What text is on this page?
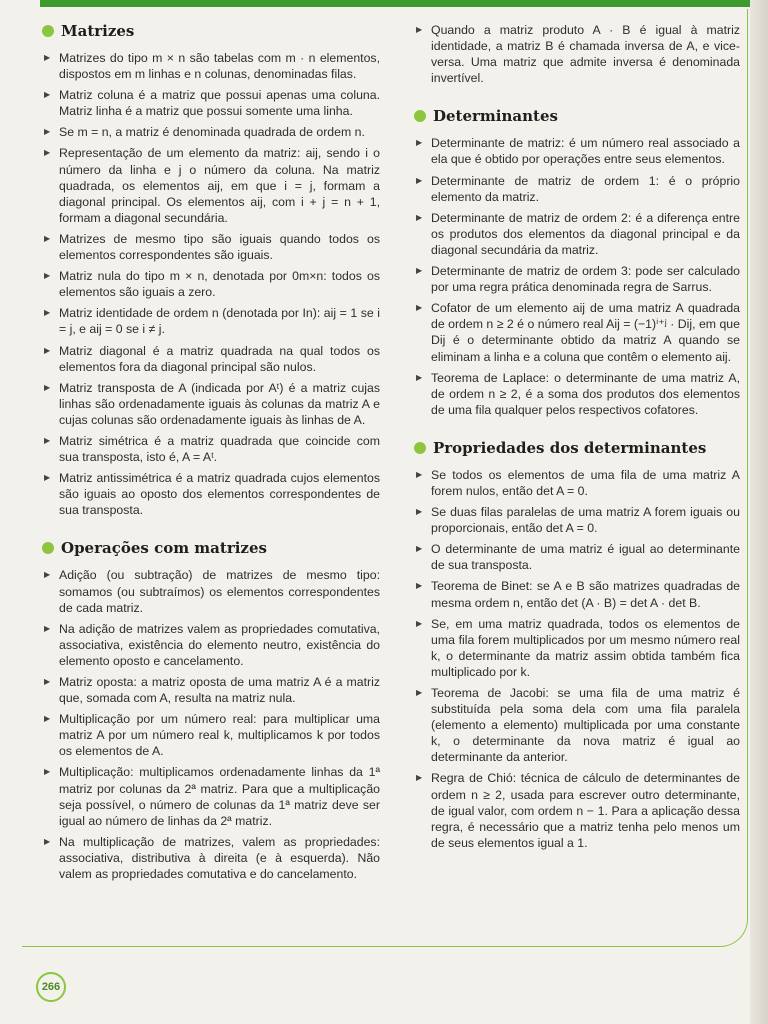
Matrizes
▶ Matrizes do tipo m × n são tabelas com m · n elementos, dispostos em m linhas e n colunas, denominadas filas.
▶ Matriz coluna é a matriz que possui apenas uma coluna. Matriz linha é a matriz que possui somente uma linha.
▶ Se m = n, a matriz é denominada quadrada de ordem n.
▶ Representação de um elemento da matriz: aij, sendo i o número da linha e j o número da coluna. Na matriz quadrada, os elementos aij, em que i = j, formam a diagonal principal. Os elementos aij, com i + j = n + 1, formam a diagonal secundária.
▶ Matrizes de mesmo tipo são iguais quando todos os elementos correspondentes são iguais.
▶ Matriz nula do tipo m × n, denotada por 0m×n: todos os elementos são iguais a zero.
▶ Matriz identidade de ordem n (denotada por In): aij = 1 se i = j, e aij = 0 se i ≠ j.
▶ Matriz diagonal é a matriz quadrada na qual todos os elementos fora da diagonal principal são nulos.
▶ Matriz transposta de A (indicada por Aᵗ) é a matriz cujas linhas são ordenadamente iguais às colunas da matriz A e cujas colunas são ordenadamente iguais às linhas de A.
▶ Matriz simétrica é a matriz quadrada que coincide com sua transposta, isto é, A = Aᵗ.
▶ Matriz antissimétrica é a matriz quadrada cujos elementos são iguais ao oposto dos elementos correspondentes de sua transposta.
Operações com matrizes
▶ Adição (ou subtração) de matrizes de mesmo tipo: somamos (ou subtraímos) os elementos correspondentes de cada matriz.
▶ Na adição de matrizes valem as propriedades comutativa, associativa, existência do elemento neutro, existência do elemento oposto e cancelamento.
▶ Matriz oposta: a matriz oposta de uma matriz A é a matriz que, somada com A, resulta na matriz nula.
▶ Multiplicação por um número real: para multiplicar uma matriz A por um número real k, multiplicamos k por todos os elementos de A.
▶ Multiplicação: multiplicamos ordenadamente linhas da 1ª matriz por colunas da 2ª matriz. Para que a multiplicação seja possível, o número de colunas da 1ª matriz deve ser igual ao número de linhas da 2ª matriz.
▶ Na multiplicação de matrizes, valem as propriedades: associativa, distributiva à direita (e à esquerda). Não valem as propriedades comutativa e do cancelamento.
▶ Quando a matriz produto A · B é igual à matriz identidade, a matriz B é chamada inversa de A, e vice-versa. Uma matriz que admite inversa é denominada invertível.
Determinantes
▶ Determinante de matriz: é um número real associado a ela que é obtido por operações entre seus elementos.
▶ Determinante de matriz de ordem 1: é o próprio elemento da matriz.
▶ Determinante de matriz de ordem 2: é a diferença entre os produtos dos elementos da diagonal principal e da diagonal secundária da matriz.
▶ Determinante de matriz de ordem 3: pode ser calculado por uma regra prática denominada regra de Sarrus.
▶ Cofator de um elemento aij de uma matriz A quadrada de ordem n ≥ 2 é o número real Aij = (−1)ⁱ⁺ʲ · Dij, em que Dij é o determinante obtido da matriz A quando se eliminam a linha e a coluna que contêm o elemento aij.
▶ Teorema de Laplace: o determinante de uma matriz A, de ordem n ≥ 2, é a soma dos produtos dos elementos de uma fila qualquer pelos respectivos cofatores.
Propriedades dos determinantes
▶ Se todos os elementos de uma fila de uma matriz A forem nulos, então det A = 0.
▶ Se duas filas paralelas de uma matriz A forem iguais ou proporcionais, então det A = 0.
▶ O determinante de uma matriz é igual ao determinante de sua transposta.
▶ Teorema de Binet: se A e B são matrizes quadradas de mesma ordem n, então det (A · B) = det A · det B.
▶ Se, em uma matriz quadrada, todos os elementos de uma fila forem multiplicados por um mesmo número real k, o determinante da matriz assim obtida também fica multiplicado por k.
▶ Teorema de Jacobi: se uma fila de uma matriz é substituída pela soma dela com uma fila paralela (elemento a elemento) multiplicada por uma constante k, o determinante da nova matriz é igual ao determinante da anterior.
▶ Regra de Chió: técnica de cálculo de determinantes de ordem n ≥ 2, usada para escrever outro determinante, de igual valor, com ordem n − 1. Para a aplicação dessa regra, é necessário que a matriz tenha pelo menos um de seus elementos igual a 1.
266
